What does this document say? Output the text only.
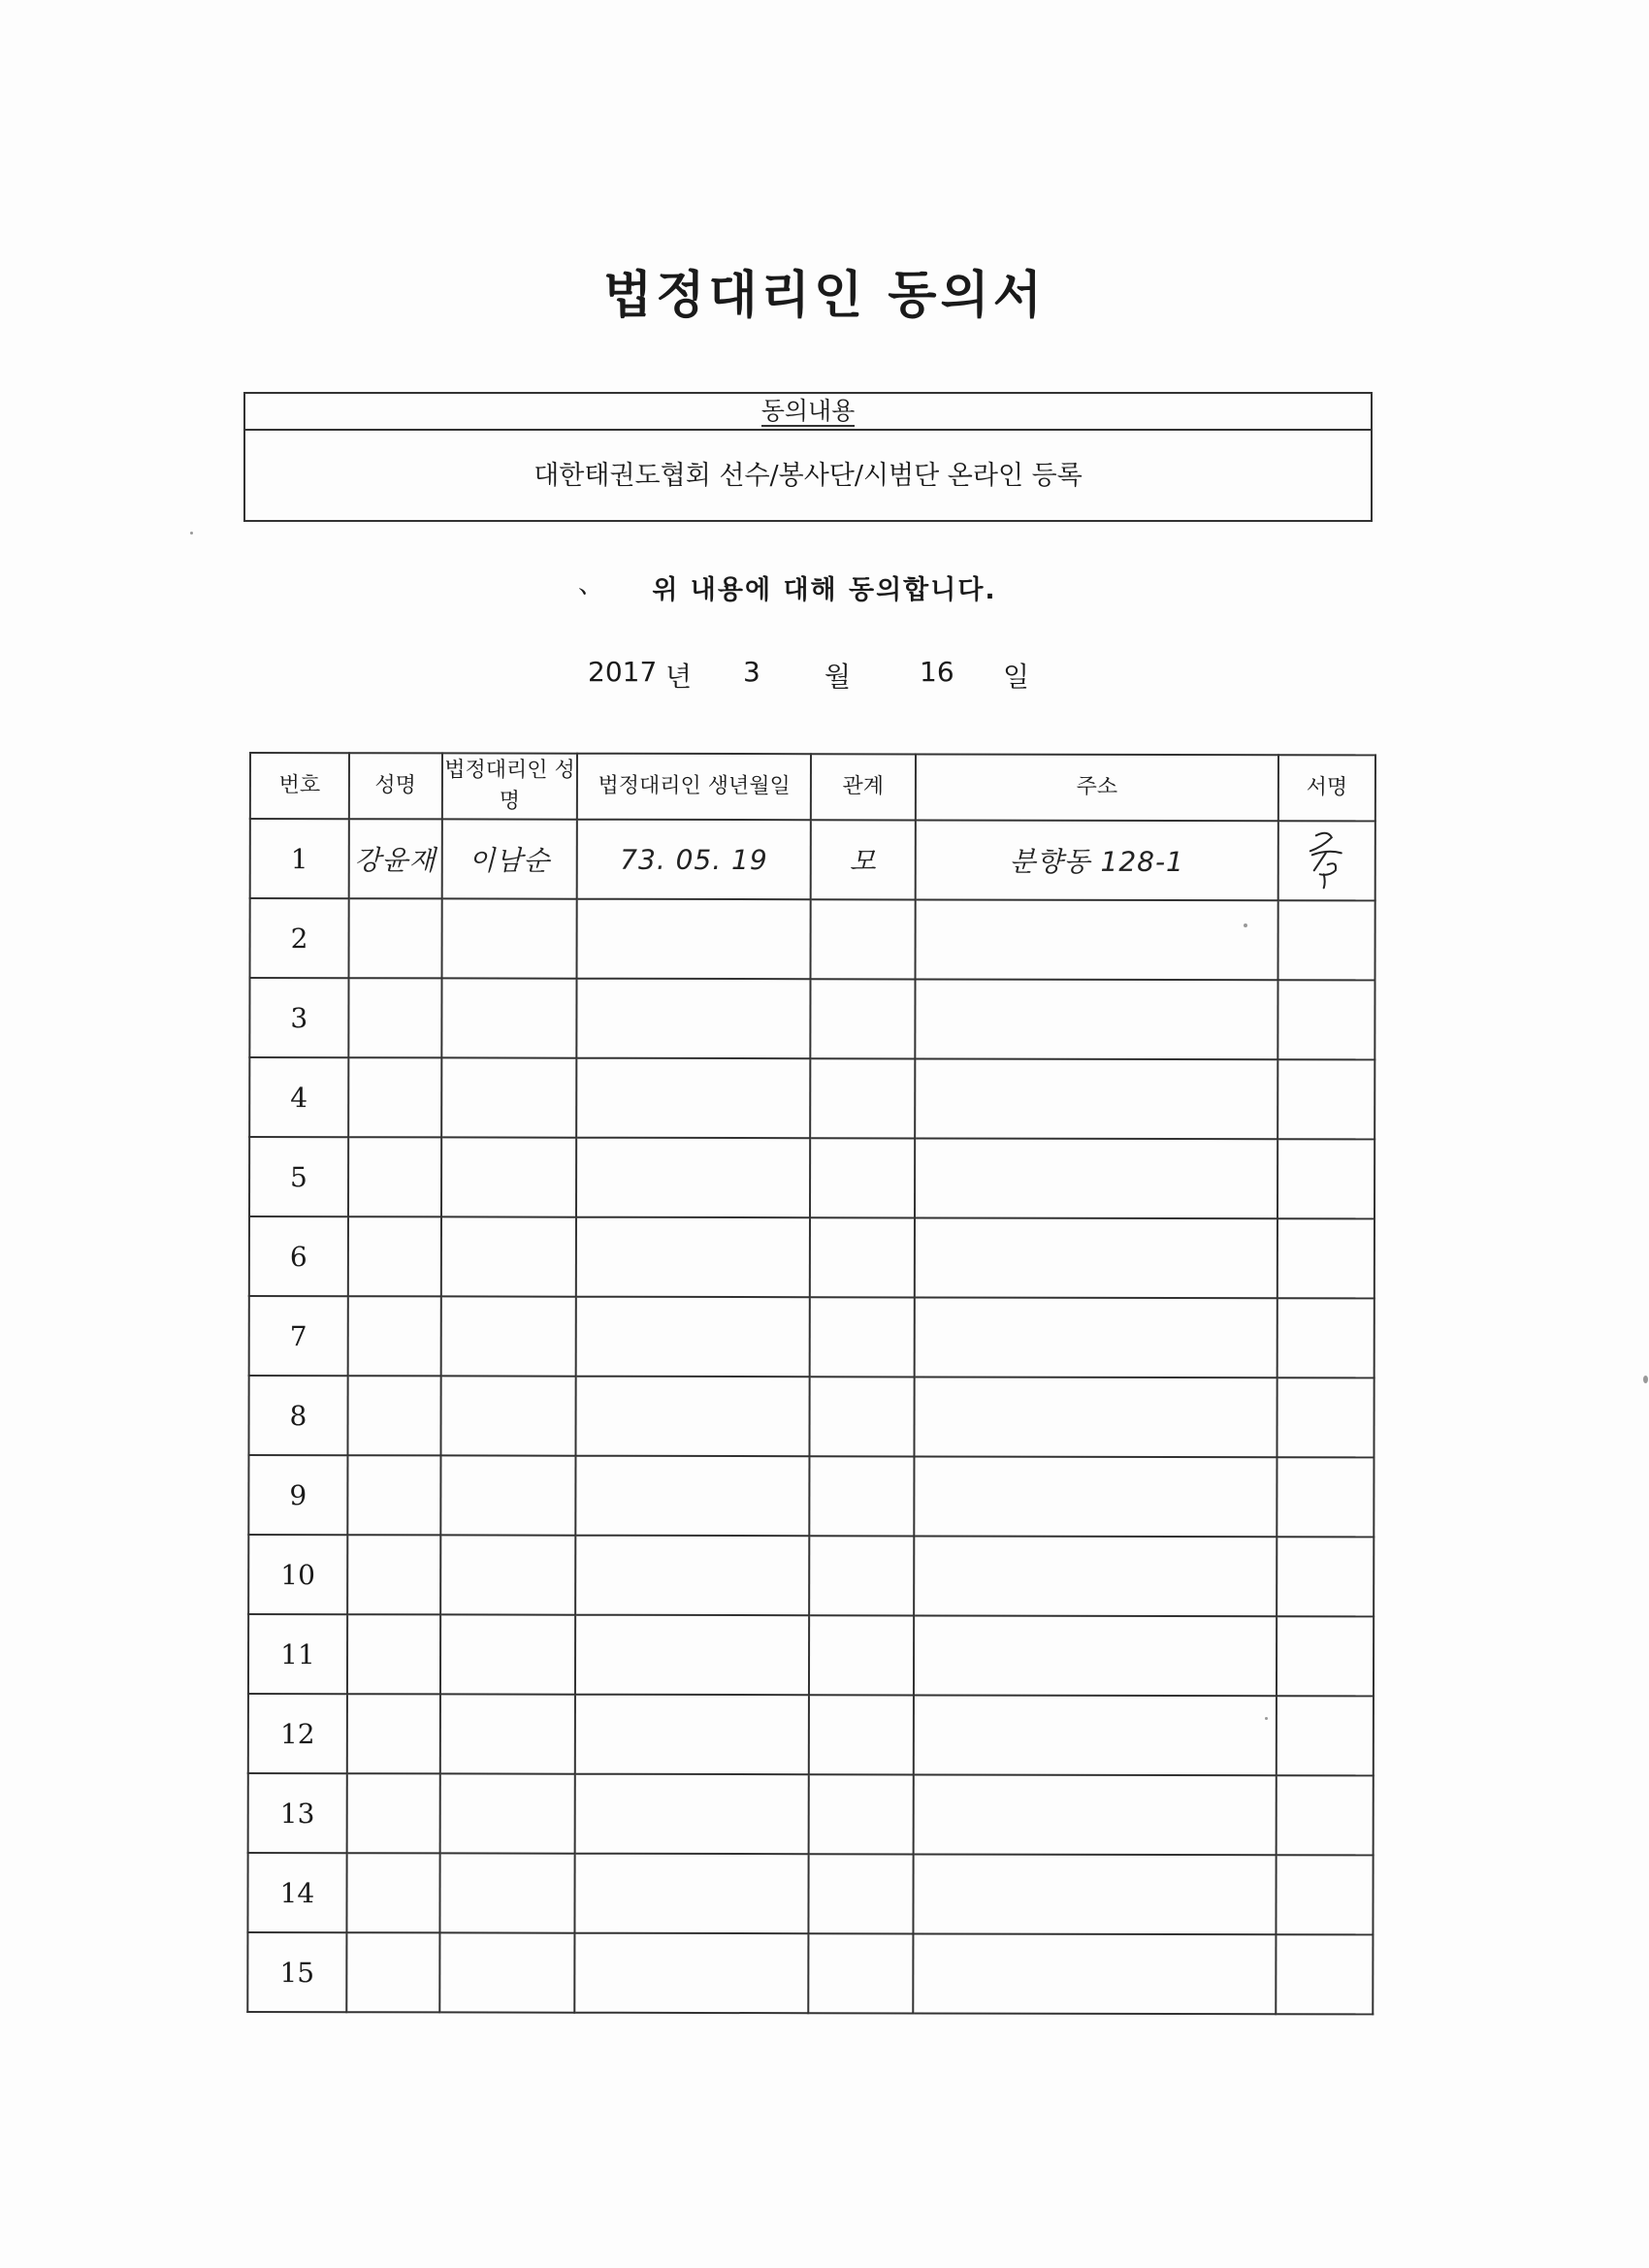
법정대리인 동의서
동의내용
대한태권도협회 선수/봉사단/시범단 온라인 등록
、 위 내용에 대해 동의합니다.
2017 년 3 월	16 일
번호	성명	법정대리인 성명	법정대리인 생년월일	관계	주소	서명
1	강윤재	이남순	73. 05. 19	모	분향동 128-1	
2						
3						
4						
5						
6						
7						
8						
9						
10						
11						
12						
13						
14						
15						
